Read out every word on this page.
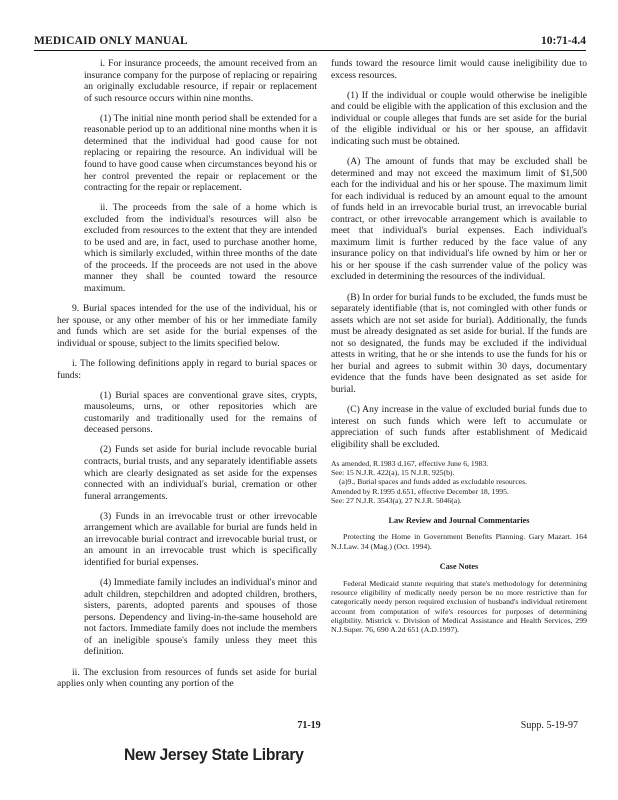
MEDICAID ONLY MANUAL	10:71-4.4

i. For insurance proceeds, the amount received from an insurance company for the purpose of replacing or repairing an originally excludable resource, if repair or replacement of such resource occurs within nine months.

(1) The initial nine month period shall be extended for a reasonable period up to an additional nine months when it is determined that the individual had good cause for not replacing or repairing the resource. An individual will be found to have good cause when circumstances beyond his or her control prevented the repair or replacement or the contracting for the repair or replacement.

ii. The proceeds from the sale of a home which is excluded from the individual's resources will also be excluded from resources to the extent that they are intended to be used and are, in fact, used to purchase another home, which is similarly excluded, within three months of the date of the proceeds. If the proceeds are not used in the above manner they shall be counted toward the resource maximum.

9. Burial spaces intended for the use of the individual, his or her spouse, or any other member of his or her immediate family and funds which are set aside for the burial expenses of the individual or spouse, subject to the limits specified below.

i. The following definitions apply in regard to burial spaces or funds:

(1) Burial spaces are conventional grave sites, crypts, mausoleums, urns, or other repositories which are customarily and traditionally used for the remains of deceased persons.

(2) Funds set aside for burial include revocable burial contracts, burial trusts, and any separately identifiable assets which are clearly designated as set aside for the expenses connected with an individual's burial, cremation or other funeral arrangements.

(3) Funds in an irrevocable trust or other irrevocable arrangement which are available for burial are funds held in an irrevocable burial contract and irrevocable burial trust, or an amount in an irrevocable trust which is specifically identified for burial expenses.

(4) Immediate family includes an individual's minor and adult children, stepchildren and adopted children, brothers, sisters, parents, adopted parents and spouses of those persons. Dependency and living-in-the-same household are not factors. Immediate family does not include the members of an ineligible spouse's family unless they meet this definition.

ii. The exclusion from resources of funds set aside for burial applies only when counting any portion of the

funds toward the resource limit would cause ineligibility due to excess resources.

(1) If the individual or couple would otherwise be ineligible and could be eligible with the application of this exclusion and the individual or couple alleges that funds are set aside for the burial of the eligible individual or his or her spouse, an affidavit indicating such must be obtained.

(A) The amount of funds that may be excluded shall be determined and may not exceed the maximum limit of $1,500 each for the individual and his or her spouse. The maximum limit for each individual is reduced by an amount equal to the amount of funds held in an irrevocable burial trust, an irrevocable burial contract, or other irrevocable arrangement which is available to meet that individual's burial expenses. Each individual's maximum limit is further reduced by the face value of any insurance policy on that individual's life owned by him or her or his or her spouse if the cash surrender value of the policy was excluded in determining the resources of the individual.

(B) In order for burial funds to be excluded, the funds must be separately identifiable (that is, not comingled with other funds or assets which are not set aside for burial). Additionally, the funds must be already designated as set aside for burial. If the funds are not so designated, the funds may be excluded if the individual attests in writing, that he or she intends to use the funds for his or her burial and agrees to submit within 30 days, documentary evidence that the funds have been designated as set aside for burial.

(C) Any increase in the value of excluded burial funds due to interest on such funds which were left to accumulate or appreciation of such funds after establishment of Medicaid eligibility shall be excluded.

As amended, R.1983 d.167, effective June 6, 1983.
See: 15 N.J.R. 422(a), 15 N.J.R. 925(b).
(a)9., Burial spaces and funds added as excludable resources.
Amended by R.1995 d.651, effective December 18, 1995.
See: 27 N.J.R. 3543(a), 27 N.J.R. 5046(a).
Law Review and Journal Commentaries

Protecting the Home in Government Benefits Planning. Gary Mazart. 164 N.J.Law. 34 (Mag.) (Oct. 1994).

Case Notes

Federal Medicaid statute requiring that state's methodology for determining resource eligibility of medically needy person be no more restrictive than for categorically needy person required exclusion of husband's individual retirement account from computation of wife's resources for purposes of determining eligibility. Mistrick v. Division of Medical Assistance and Health Services, 299 N.J.Super. 76, 690 A.2d 651 (A.D.1997).

71-19	Supp. 5-19-97
New Jersey State Library
